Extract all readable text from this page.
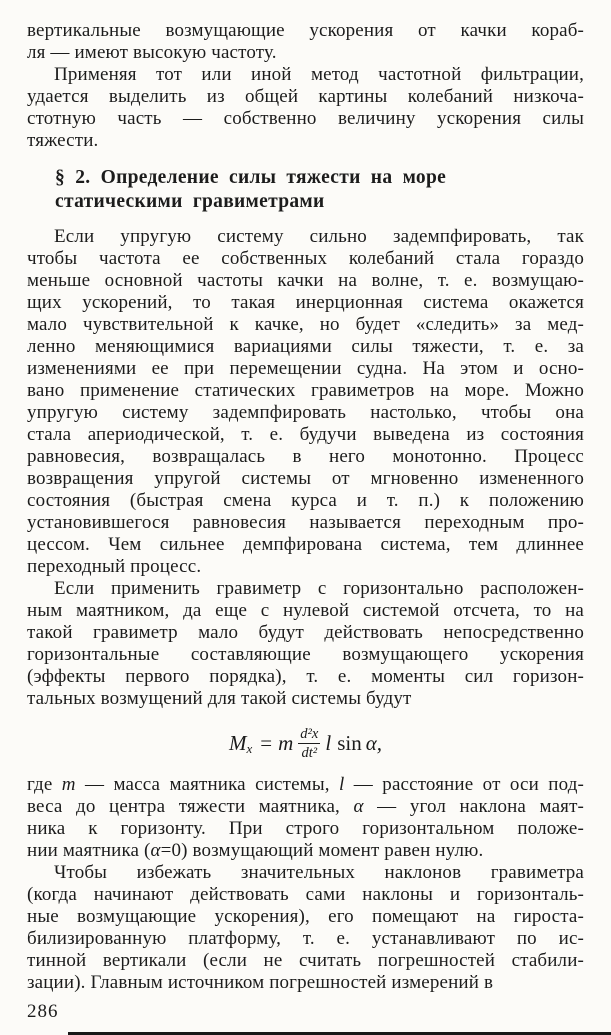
вертикальные возмущающие ускорения от качки кораб-
ля — имеют высокую частоту.
Применяя тот или иной метод частотной фильтрации,
удается выделить из общей картины колебаний низкоча-
стотную часть — собственно величину ускорения силы
тяжести.
§ 2. Определение силы тяжести на море
статическими гравиметрами
Если упругую систему сильно задемпфировать, так
чтобы частота ее собственных колебаний стала гораздо
меньше основной частоты качки на волне, т. е. возмущаю-
щих ускорений, то такая инерционная система окажется
мало чувствительной к качке, но будет «следить» за мед-
ленно меняющимися вариациями силы тяжести, т. е. за
изменениями ее при перемещении судна. На этом и осно-
вано применение статических гравиметров на море. Можно
упругую систему задемпфировать настолько, чтобы она
стала апериодической, т. е. будучи выведена из состояния
равновесия, возвращалась в него монотонно. Процесс
возвращения упругой системы от мгновенно измененного
состояния (быстрая смена курса и т. п.) к положению
установившегося равновесия называется переходным про-
цессом. Чем сильнее демпфирована система, тем длиннее
переходный процесс.
Если применить гравиметр с горизонтально расположен-
ным маятником, да еще с нулевой системой отсчета, то на
такой гравиметр мало будут действовать непосредственно
горизонтальные составляющие возмущающего ускорения
(эффекты первого порядка), т. е. моменты сил горизон-
тальных возмущений для такой системы будут
M x = m $\frac{\text{d²x}}{\text{dt²}}$ l sin α ,
где m — масса маятника системы, l — расстояние от оси под-
веса до центра тяжести маятника, α — угол наклона маят-
ника к горизонту. При строго горизонтальном положе-
нии маятника (α=0) возмущающий момент равен нулю.
Чтобы избежать значительных наклонов гравиметра
(когда начинают действовать сами наклоны и горизонталь-
ные возмущающие ускорения), его помещают на гироста-
билизированную платформу, т. е. устанавливают по ис-
тинной вертикали (если не считать погрешностей стабили-
зации). Главным источником погрешностей измерений в
286
